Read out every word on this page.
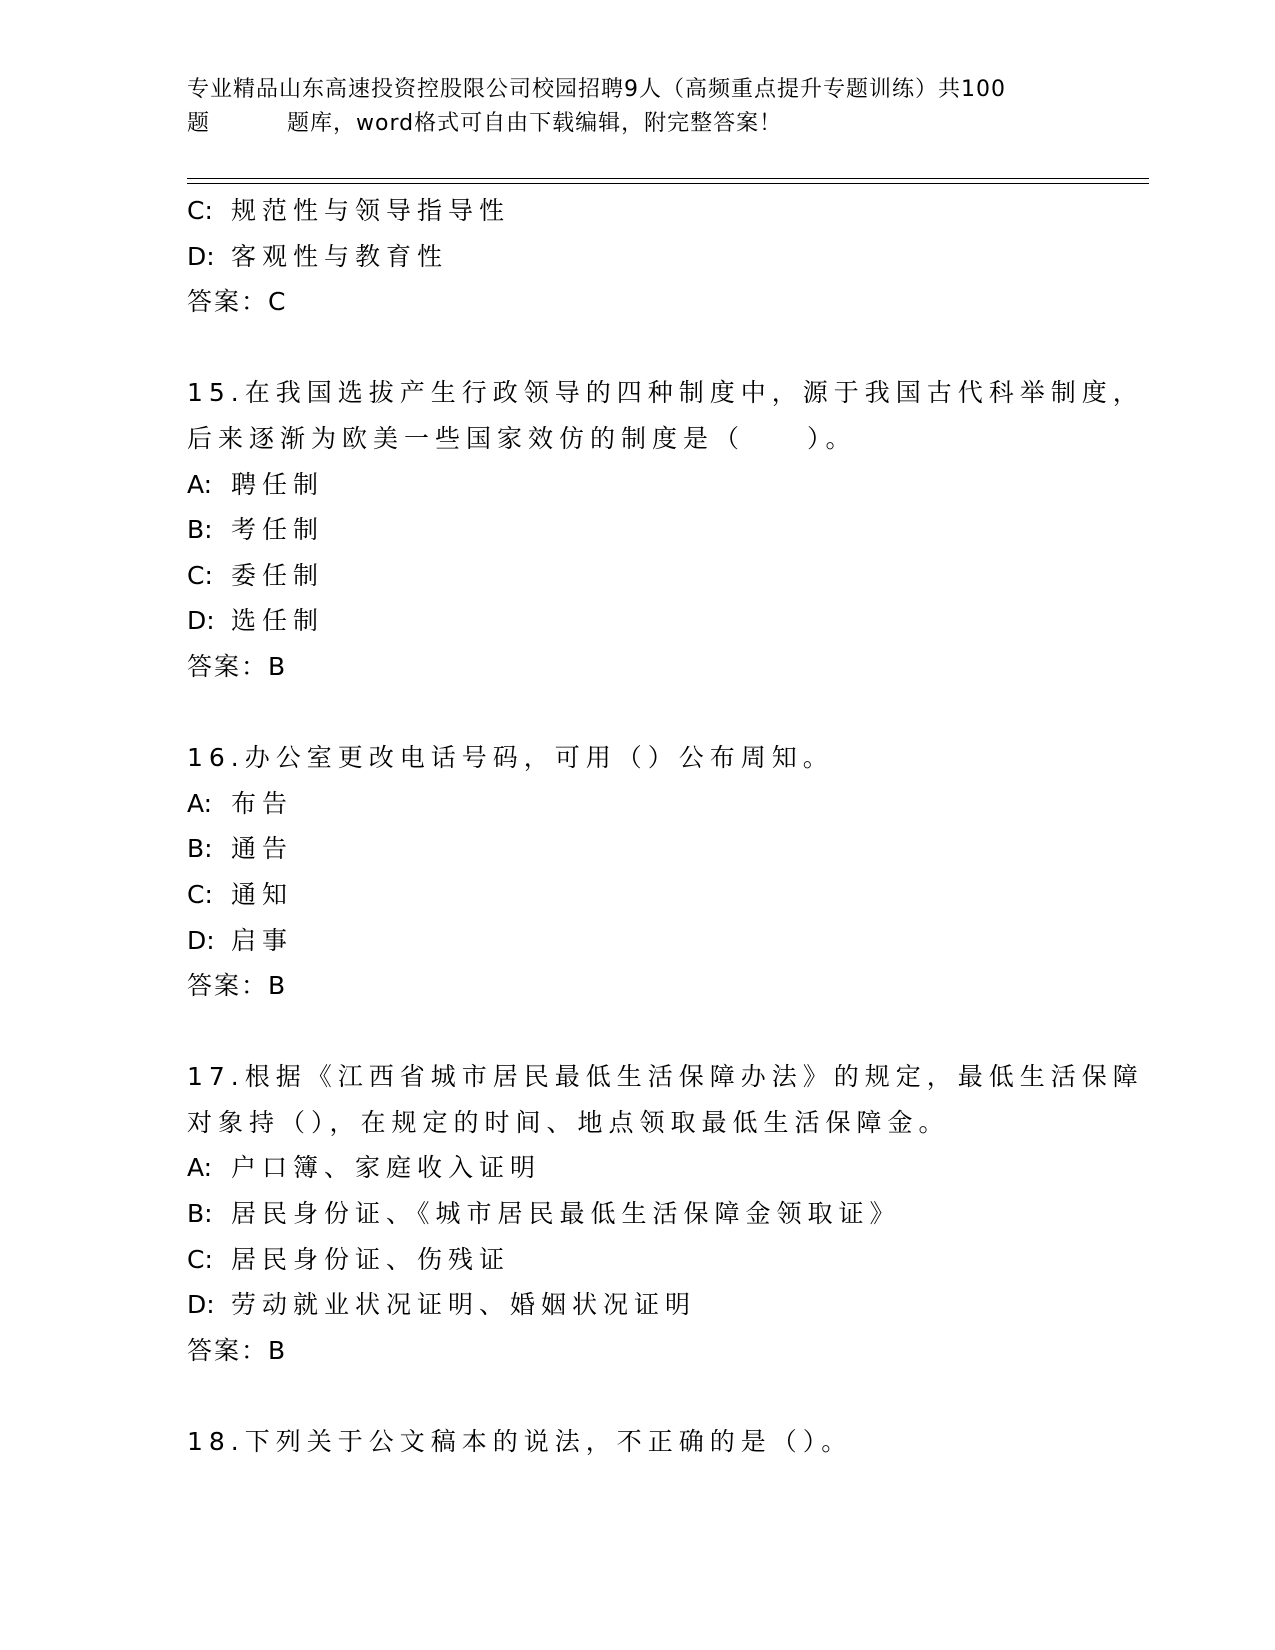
专业精品山东高速投资控股限公司校园招聘9人（高频重点提升专题训练）共100
题	题库，word格式可自由下载编辑，附完整答案！
C: 规范性与领导指导性
D: 客观性与教育性
答案：C
15.在我国选拔产生行政领导的四种制度中，源于我国古代科举制度，
后来逐渐为欧美一些国家效仿的制度是（　　）。
A: 聘任制
B: 考任制
C: 委任制
D: 选任制
答案：B
16.办公室更改电话号码，可用（）公布周知。
A: 布告
B: 通告
C: 通知
D: 启事
答案：B
17.根据《江西省城市居民最低生活保障办法》的规定，最低生活保障
对象持（），在规定的时间、地点领取最低生活保障金。
A: 户口簿、家庭收入证明
B: 居民身份证、《城市居民最低生活保障金领取证》
C: 居民身份证、伤残证
D: 劳动就业状况证明、婚姻状况证明
答案：B
18.下列关于公文稿本的说法，不正确的是（）。
